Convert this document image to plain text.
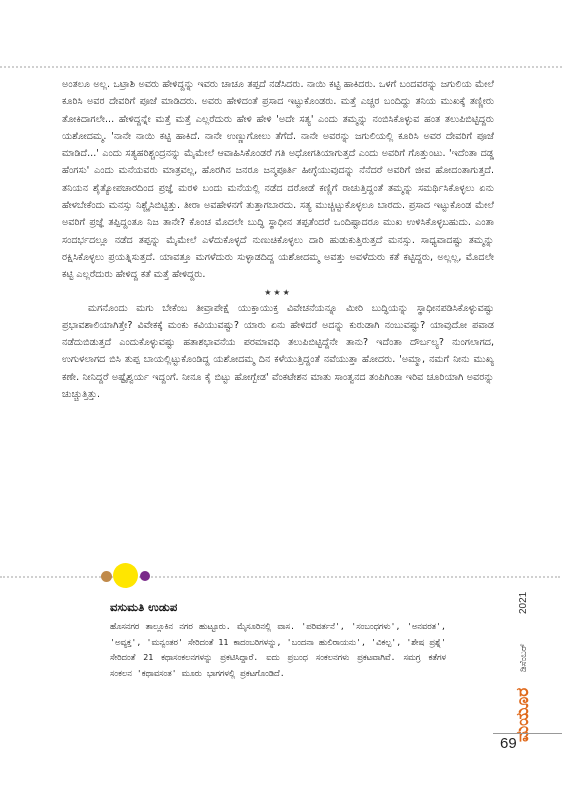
ಅಂತಲೂ ಅಲ್ಲ. ಒಟ್ರಾಶಿ ಅವರು ಹೇಳಿದ್ದನ್ನು ಇವರು ಚಾಚೂ ತಪ್ಪದೆ ನಡೆಸಿದರು. ನಾಯಿ ಕಟ್ಟಿ ಹಾಕಿದರು. ಒಳಗೆ ಬಂದವರನ್ನು ಜಗುಲಿಯ ಮೇಲೆ ಕೂರಿಸಿ ಅವರ ದೇವರಿಗೆ ಪೂಜೆ ಮಾಡಿದರು. ಅವರು ಹೇಳಿದಂತೆ ಪ್ರಸಾದ ಇಟ್ಟುಕೊಂಡರು. ಮತ್ತೆ ಎಚ್ಚರ ಬಂದಿದ್ದು ತನಿಯ ಮುಖಕ್ಕೆ ತಣ್ಣೀರು ತೋಕಿದಾಗಲೇ... ಹೇಳಿದ್ದನ್ನೇ ಮತ್ತೆ ಮತ್ತೆ ಎಲ್ಲರೆದುರು ಹೇಳಿ ಹೇಳಿ 'ಅದೇ ಸತ್ಯ' ಎಂದು ತಮ್ಮನ್ನು ನಂಬಿಸಿಕೊಳ್ಳುವ ಹಂತ ತಲುಪಿಬಿಟ್ಟಿದ್ದರು ಯಶೋದಮ್ಮ. 'ನಾನೇ ನಾಯಿ ಕಟ್ಟಿ ಹಾಕಿದೆ. ನಾನೇ ಉಣ್ಣುಗೋಲು ತೆಗೆದೆ. ನಾನೇ ಅವರನ್ನು ಜಗುಲಿಯಲ್ಲಿ ಕೂರಿಸಿ ಅವರ ದೇವರಿಗೆ ಪೂಜೆ ಮಾಡಿದೆ...' ಎಂದು ಸತ್ಯಹರಿಶ್ಚಂದ್ರನನ್ನು ಮೈಮೇಲೆ ಆವಾಹಿಸಿಕೊಂಡರೆ ಗತಿ ಅಧೋಗತಿಯಾಗುತ್ತದೆ ಎಂದು ಅವರಿಗೆ ಗೊತ್ತುಂಟು. 'ಇದೆಂತಾ ದಡ್ಡ ಹೆಂಗಸು' ಎಂದು ಮನೆಯವರು ಮಾತ್ರವಲ್ಲ, ಹೊರಗಿನ ಜನರೂ ಜನ್ಮಪೂರ್ತಿ ಹೀಗ್ಳೆಯುವುದನ್ನು ನೆನೆದರೆ ಅವರಿಗೆ ಜೀವ ಹೋದಂತಾಗುತ್ತದೆ. ತನಿಯನ ಶೈತ್ಯೋಪಚಾರದಿಂದ ಪ್ರಜ್ಞೆ ಮರಳಿ ಬಂದು ಮನೆಯಲ್ಲಿ ನಡೆದ ದರೋಡೆ ಕಣ್ಣಿಗೆ ರಾಚುತ್ತಿದ್ದಂತೆ ತಮ್ಮನ್ನು ಸಮರ್ಥಿಸಿಕೊಳ್ಳಲು ಏನು ಹೇಳಬೇಕೆಂದು ಮನಸ್ಸು ನಿಶ್ಚೈಸಿಬಿಟ್ಟಿತ್ತು. ತೀರಾ ಅವಹೇಳನಗೆ ತುತ್ತಾಗಬಾರದು. ಸತ್ಯ ಮುಚ್ಚಿಟ್ಟುಕೊಳ್ಳಲೂ ಬಾರದು. ಪ್ರಸಾದ ಇಟ್ಟುಕೊಂಡ ಮೇಲೆ ಅವರಿಗೆ ಪ್ರಜ್ಞೆ ತಪ್ಪಿದ್ದಂತೂ ನಿಜ ತಾನೇ? ಕೊಂಚ ಮೊದಲೇ ಬುದ್ಧಿ ಸ್ಥಾಧೀನ ತಪ್ಪತೆಂದರೆ ಒಂದಿಷ್ಟಾದರೂ ಮುಖ ಉಳಿಸಿಕೊಳ್ಳಬಹುದು. ಎಂತಾ ಸಂದರ್ಭದಲ್ಲೂ ನಡೆದ ತಪ್ಪನ್ನು ಮೈಮೇಲೆ ಎಳೆದುಕೊಳ್ಳದೆ ನುಣುಚಿಕೊಳ್ಳಲು ದಾರಿ ಹುಡುಕುತ್ತಿರುತ್ತದೆ ಮನಸ್ಸು. ಸಾಧ್ಯವಾದಷ್ಟು ತಮ್ಮನ್ನು ರಕ್ಷಿಸಿಕೊಳ್ಳಲು ಪ್ರಯತ್ನಿಸುತ್ತದೆ. ಯಾವತ್ತೂ ಮಗಳೆದುರು ಸುಳ್ಳಾಡದಿದ್ದ ಯಶೋದಮ್ಮ ಅವತ್ತು ಅವಳೆದುರು ಕತೆ ಕಟ್ಟಿದ್ದರು, ಅಲ್ಲಲ್ಲ, ಮೊದಲೇ ಕಟ್ಟಿ ಎಲ್ಲರೆದುರು ಹೇಳಿದ್ದ ಕತೆ ಮತ್ತೆ ಹೇಳಿದ್ದರು.

★★★

ಮಗನೊಂದು ಮಗು ಬೇಕೆಂಬ ತೀವ್ರಾಪೇಕ್ಷೆ ಯುಕ್ತಾಯುಕ್ತ ವಿವೇಚನೆಯನ್ನೂ ಮೀರಿ ಬುದ್ಧಿಯನ್ನು ಸ್ಥಾಧೀನಪಡಿಸಿಕೊಳ್ಳುವಷ್ಟು ಪ್ರಭಾವಶಾಲಿಯಾಗಿತ್ತೇ? ವಿವೇಕಕ್ಕೆ ಮಂಕು ಕವಿಯುವಷ್ಟು? ಯಾರು ಏನು ಹೇಳಿದರೆ ಅದನ್ನು ಕುರುಡಾಗಿ ನಂಬುವಷ್ಟು? ಯಾವುದೋ ಪವಾಡ ನಡೆದುಬಿಡುತ್ತದೆ ಎಂದುಕೊಳ್ಳುವಷ್ಟು ಹತಾಶಭಾವನೆಯ ಪರಮಾವಧಿ ತಲುಪಿಬಿಟ್ಟಿದ್ದೆನೇ ತಾನು? ಇದೆಂತಾ ದೌರ್ಬಲ್ಯ? ನುಂಗಲಾಗದ, ಉಗುಳಲಾಗದ ಬಿಸಿ ತುಪ್ಪ ಬಾಯಲ್ಲಿಟ್ಟುಕೊಂಡಿದ್ದ ಯಶೋದಮ್ಮ ದಿನ ಕಳೆಯುತ್ತಿದ್ದಂತೆ ನವೆಯುತ್ತಾ ಹೋದರು. 'ಅಮ್ಮಾ, ನಮಗೆ ನೀನು ಮುಖ್ಯ ಕಣೇ. ನೀನಿದ್ದರೆ ಅಷ್ಟೈಶ್ವರ್ಯ ಇದ್ದಂಗೆ. ನೀನೂ ಕೈ ಬಿಟ್ಟು ಹೋಗ್ಬೇಡ' ವೆಂಕಟೇಶನ ಮಾತು ಸಾಂತ್ವನದ ತಂಪಿಗಿಂತಾ ಇರಿವ ಚೂರಿಯಾಗಿ ಅವರನ್ನು ಚುಚ್ಚುತ್ತಿತ್ತು.

ವಸುಮತಿ ಉಡುಪ
ಹೊಸನಗರ ತಾಲ್ಲೂಕಿನ ನಗರ ಹುಟ್ಟೂರು. ಮೈಸೂರಿನಲ್ಲಿ ವಾಸ. 'ಪರಿವರ್ತನೆ', 'ಸಂಬಂಧಗಳು', 'ಅನವರತ', 'ಅವ್ಯಕ್ತ', 'ಮನ್ವಂತರ' ಸೇರಿದಂತೆ 11 ಕಾದಂಬರಿಗಳನ್ನು, 'ಬಂದನಾ ಹುಲಿರಾಯನು', 'ವಿಕಲ್ಪ', 'ಶೇಷ ಪ್ರಶ್ನೆ' ಸೇರಿದಂತೆ 21 ಕಥಾಸಂಕಲನಗಳನ್ನು ಪ್ರಕಟಿಸಿದ್ದಾರೆ. ಐದು ಪ್ರಬಂಧ ಸಂಕಲನಗಳು ಪ್ರಕಟವಾಗಿವೆ. ಸಮಗ್ರ ಕತೆಗಳ ಸಂಕಲನ 'ಕಥಾವಸಂತ' ಮೂರು ಭಾಗಗಳಲ್ಲಿ ಪ್ರಕಟಗೊಂಡಿದೆ.
2021
ಡಿಸೆಂಬರ್
ಮಯೂರ
69
